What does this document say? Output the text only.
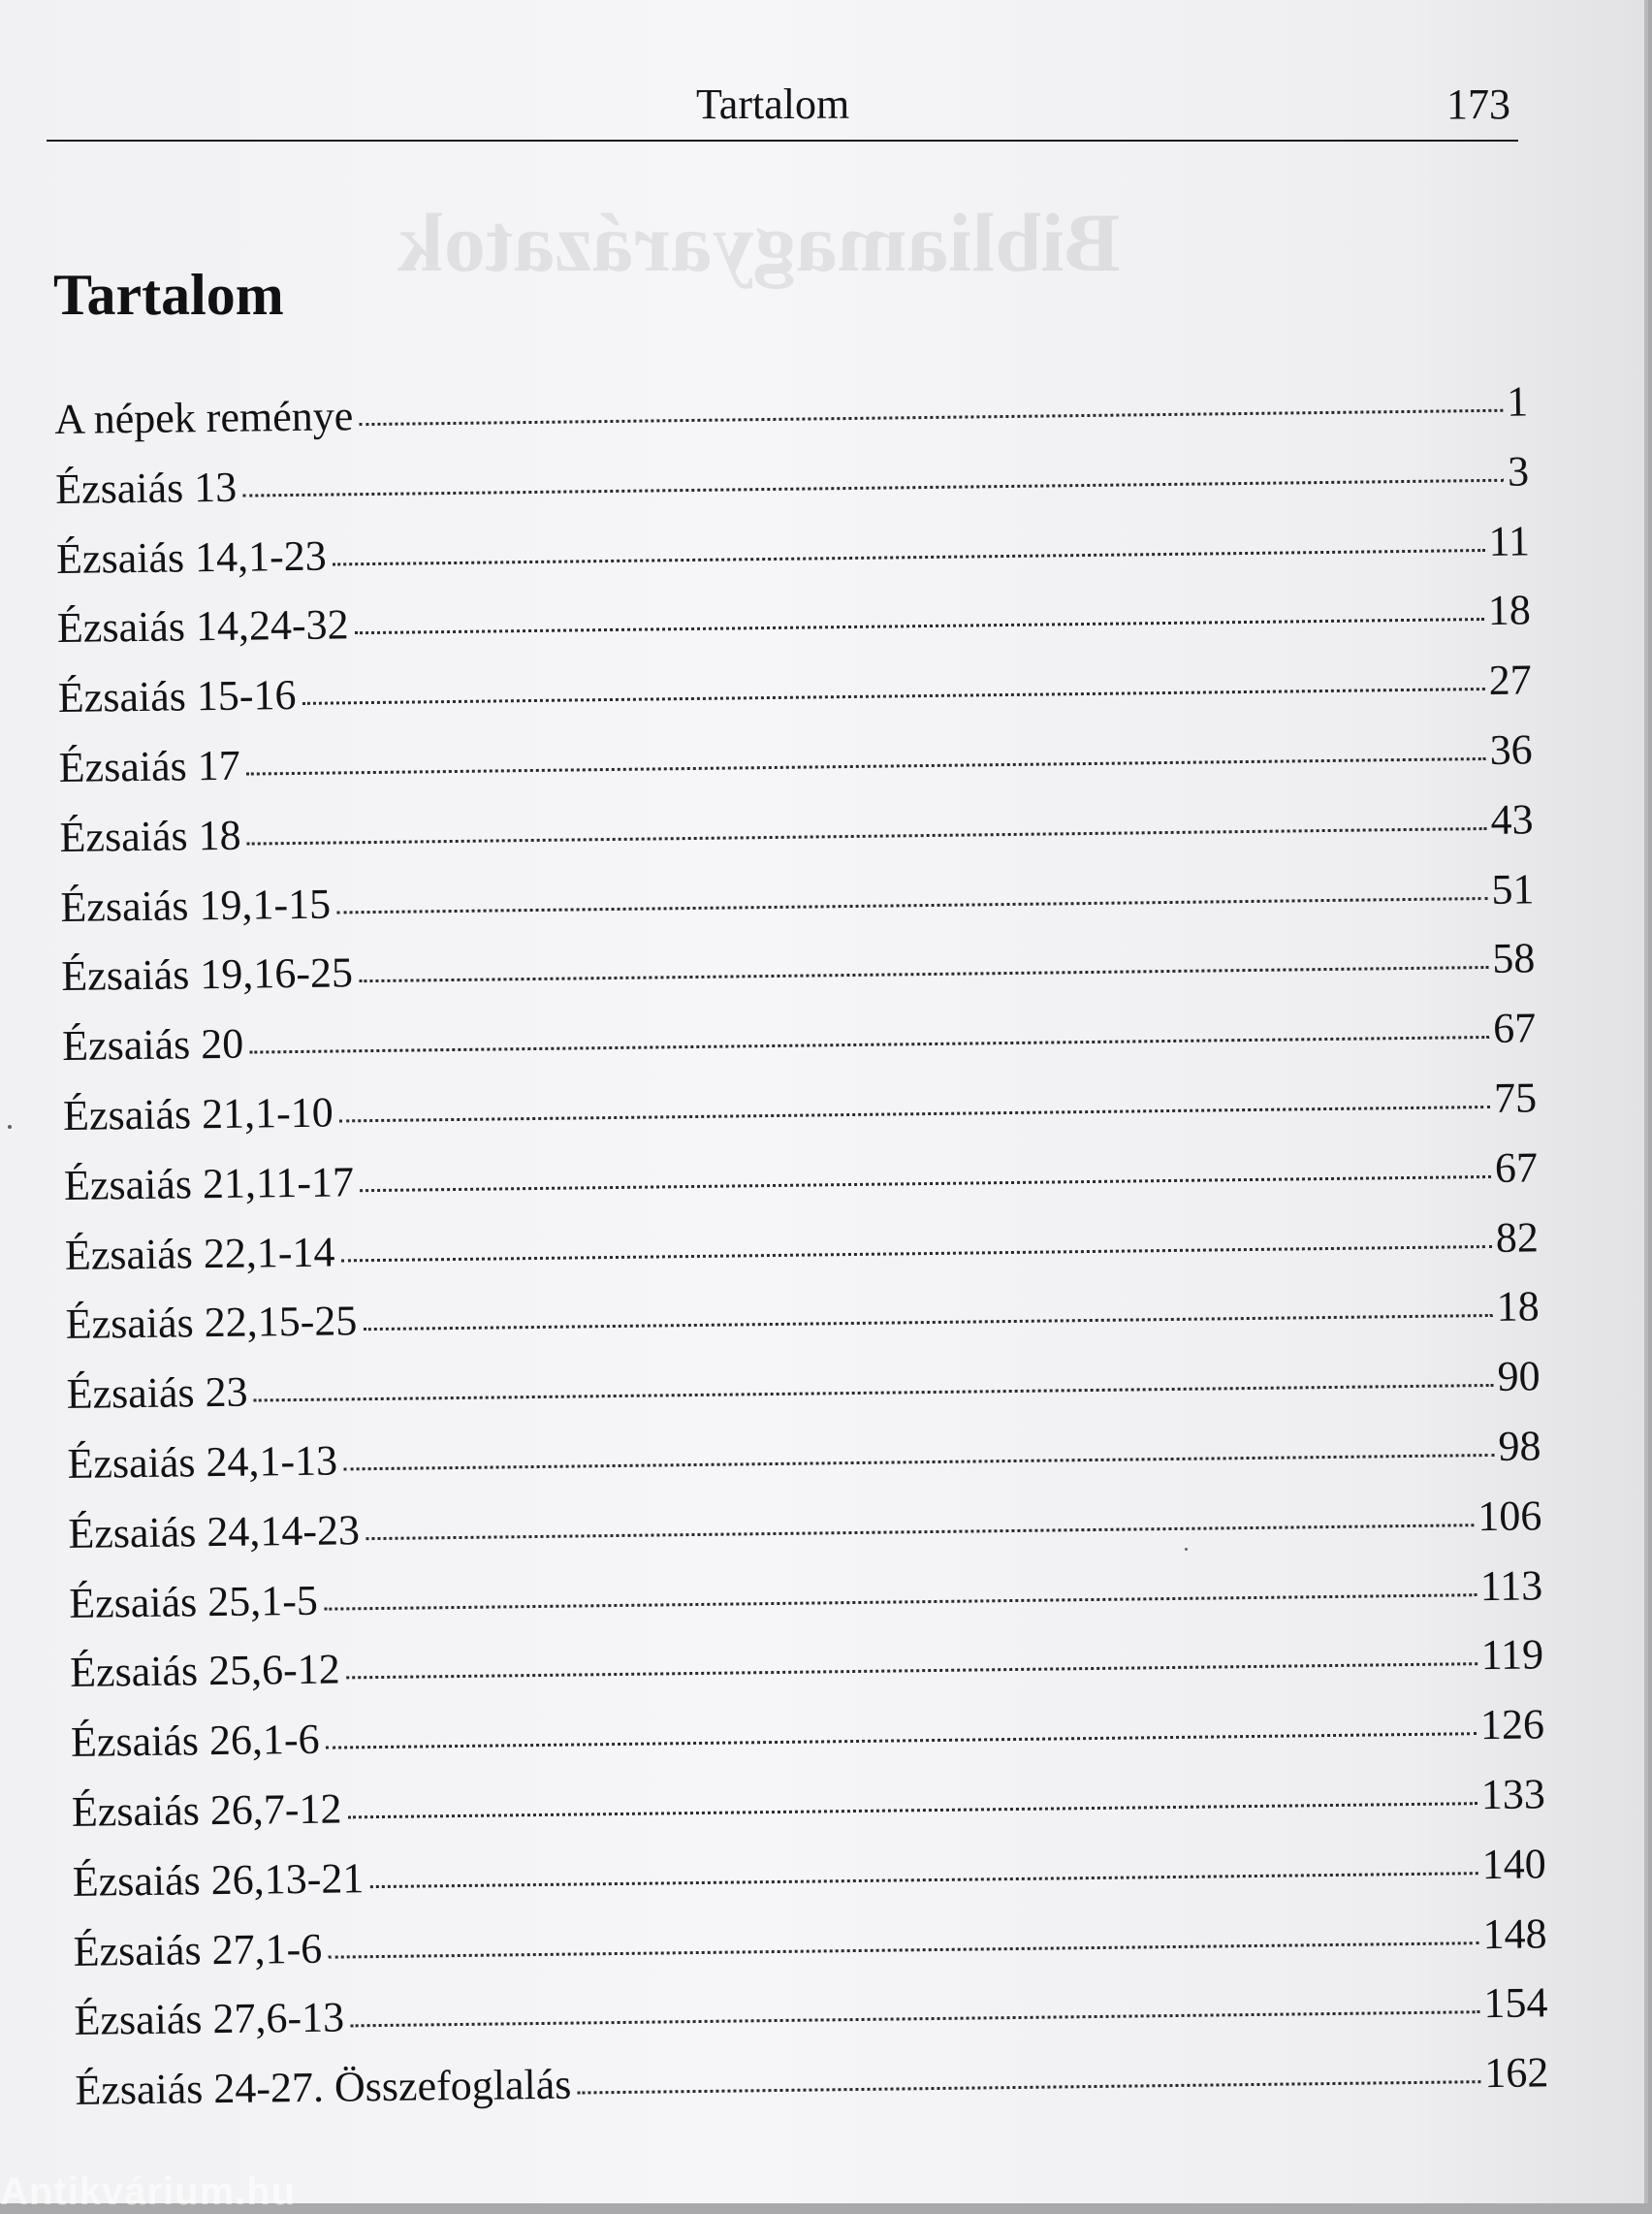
Bibliamagyarázatok
Tartalom	173
Tartalom
A népek reménye	1
Ézsaiás 13	3
Ézsaiás 14,1-23	11
Ézsaiás 14,24-32	18
Ézsaiás 15-16	27
Ézsaiás 17	36
Ézsaiás 18	43
Ézsaiás 19,1-15	51
Ézsaiás 19,16-25	58
Ézsaiás 20	67
Ézsaiás 21,1-10	75
Ézsaiás 21,11-17	67
Ézsaiás 22,1-14	82
Ézsaiás 22,15-25	18
Ézsaiás 23	90
Ézsaiás 24,1-13	98
Ézsaiás 24,14-23	106
Ézsaiás 25,1-5	113
Ézsaiás 25,6-12	119
Ézsaiás 26,1-6	126
Ézsaiás 26,7-12	133
Ézsaiás 26,13-21	140
Ézsaiás 27,1-6	148
Ézsaiás 27,6-13	154
Ézsaiás 24-27. Összefoglalás	162
Antikvárium.hu
